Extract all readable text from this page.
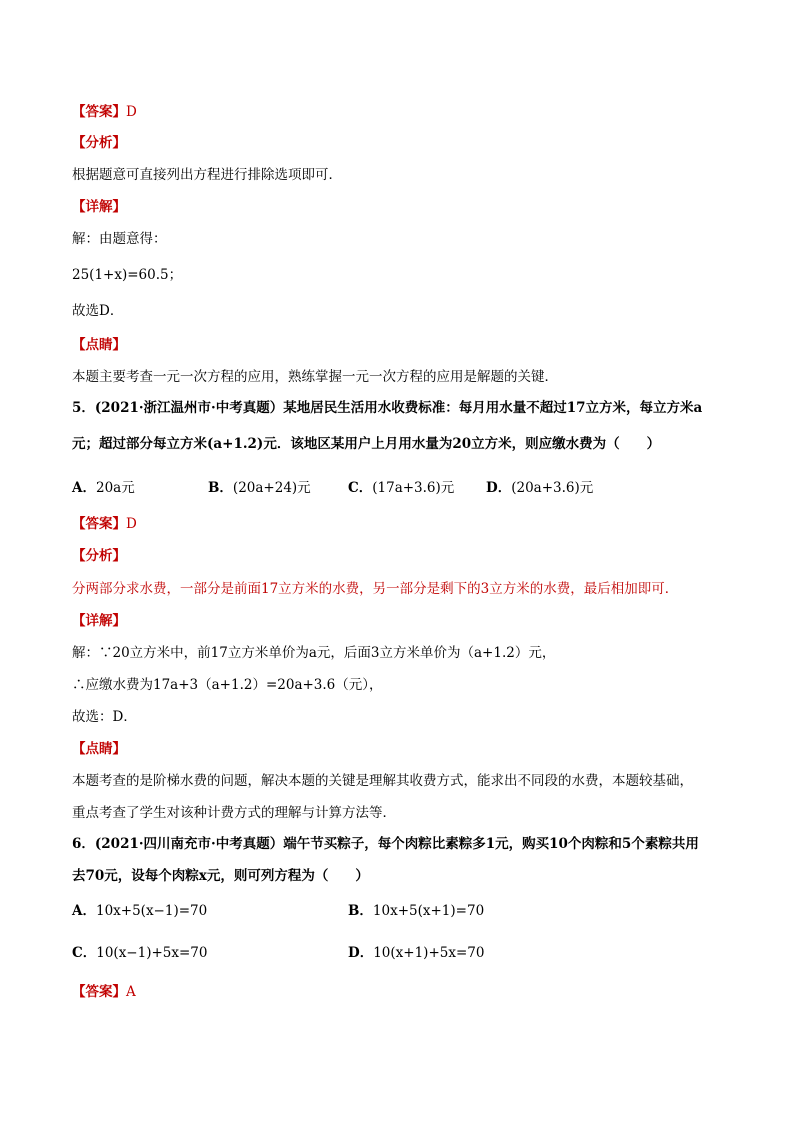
【答案】D
【分析】
根据题意可直接列出方程进行排除选项即可．
【详解】
解：由题意得：
25(1+x)=60.5；
故选D．
【点睛】
本题主要考查一元一次方程的应用，熟练掌握一元一次方程的应用是解题的关键．
5．(2021·浙江温州市·中考真题）某地居民生活用水收费标准：每月用水量不超过17立方米，每立方米a
元；超过部分每立方米(a+1.2)元．该地区某用户上月用水量为20立方米，则应缴水费为（　　）
A．20a元	B．(20a+24)元	C．(17a+3.6)元 D．(20a+3.6)元
【答案】D
【分析】
分两部分求水费，一部分是前面17立方米的水费，另一部分是剩下的3立方米的水费，最后相加即可．
【详解】
解：∵20立方米中，前17立方米单价为a元，后面3立方米单价为（a+1.2）元，
∴应缴水费为17a+3（a+1.2）=20a+3.6（元），
故选：D．
【点睛】
本题考查的是阶梯水费的问题，解决本题的关键是理解其收费方式，能求出不同段的水费，本题较基础，
重点考查了学生对该种计费方式的理解与计算方法等．
6．(2021·四川南充市·中考真题）端午节买粽子，每个肉粽比素粽多1元，购买10个肉粽和5个素粽共用
去70元，设每个肉粽x元，则可列方程为（　　）
A．10x+5(x−1)=70	B．10x+5(x+1)=70
C．10(x−1)+5x=70	D．10(x+1)+5x=70
【答案】A
